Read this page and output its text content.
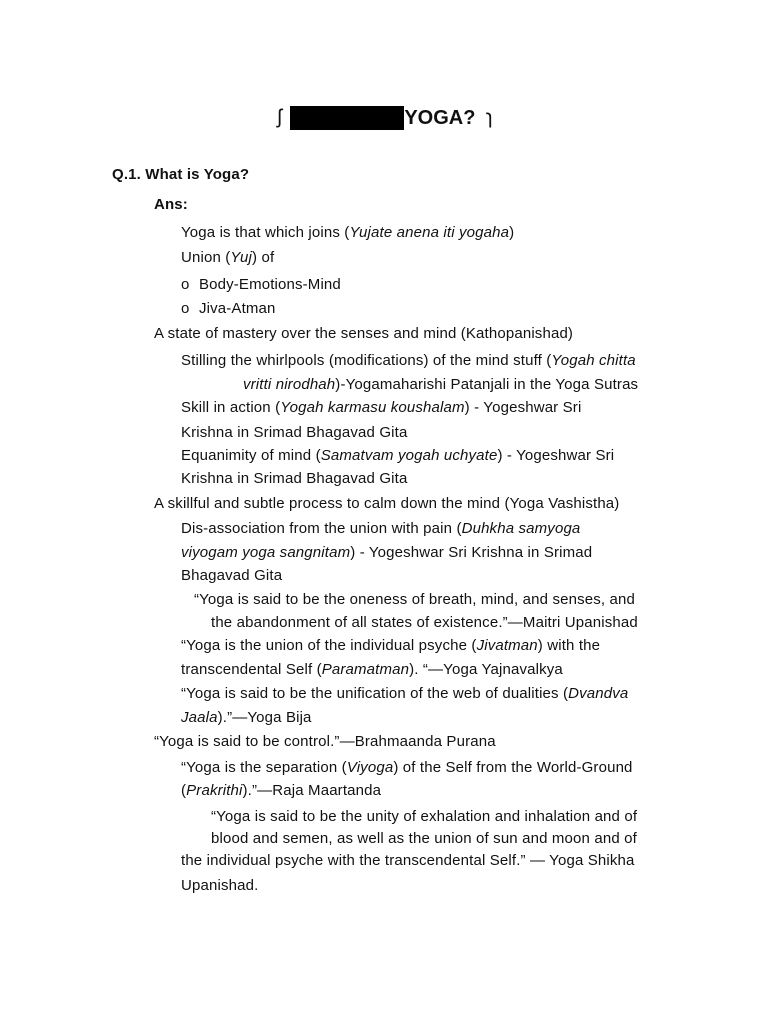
ʃ	YOGA? ɿ
Q.1. What is Yoga?
Ans:
Yoga is that which joins (Yujate anena iti yogaha)
Union (Yuj) of
o Body-Emotions-Mind
o Jiva-Atman
A state of mastery over the senses and mind (Kathopanishad)
Stilling the whirlpools (modifications) of the mind stuff (Yogah chitta
vritti nirodhah)-Yogamaharishi Patanjali in the Yoga Sutras
Skill in action (Yogah karmasu koushalam) - Yogeshwar Sri
Krishna in Srimad Bhagavad Gita
Equanimity of mind (Samatvam yogah uchyate) - Yogeshwar Sri
Krishna in Srimad Bhagavad Gita
A skillful and subtle process to calm down the mind (Yoga Vashistha)
Dis-association from the union with pain (Duhkha samyoga
viyogam yoga sangnitam) - Yogeshwar Sri Krishna in Srimad
Bhagavad Gita
“Yoga is said to be the oneness of breath, mind, and senses, and
the abandonment of all states of existence.”—Maitri Upanishad
“Yoga is the union of the individual psyche (Jivatman) with the
transcendental Self (Paramatman). “—Yoga Yajnavalkya
“Yoga is said to be the unification of the web of dualities (Dvandva
Jaala).”—Yoga Bija
“Yoga is said to be control.”—Brahmaanda Purana
“Yoga is the separation (Viyoga) of the Self from the World-Ground
(Prakrithi).”—Raja Maartanda
“Yoga is said to be the unity of exhalation and inhalation and of
blood and semen, as well as the union of sun and moon and of
the individual psyche with the transcendental Self.” — Yoga Shikha
Upanishad.
